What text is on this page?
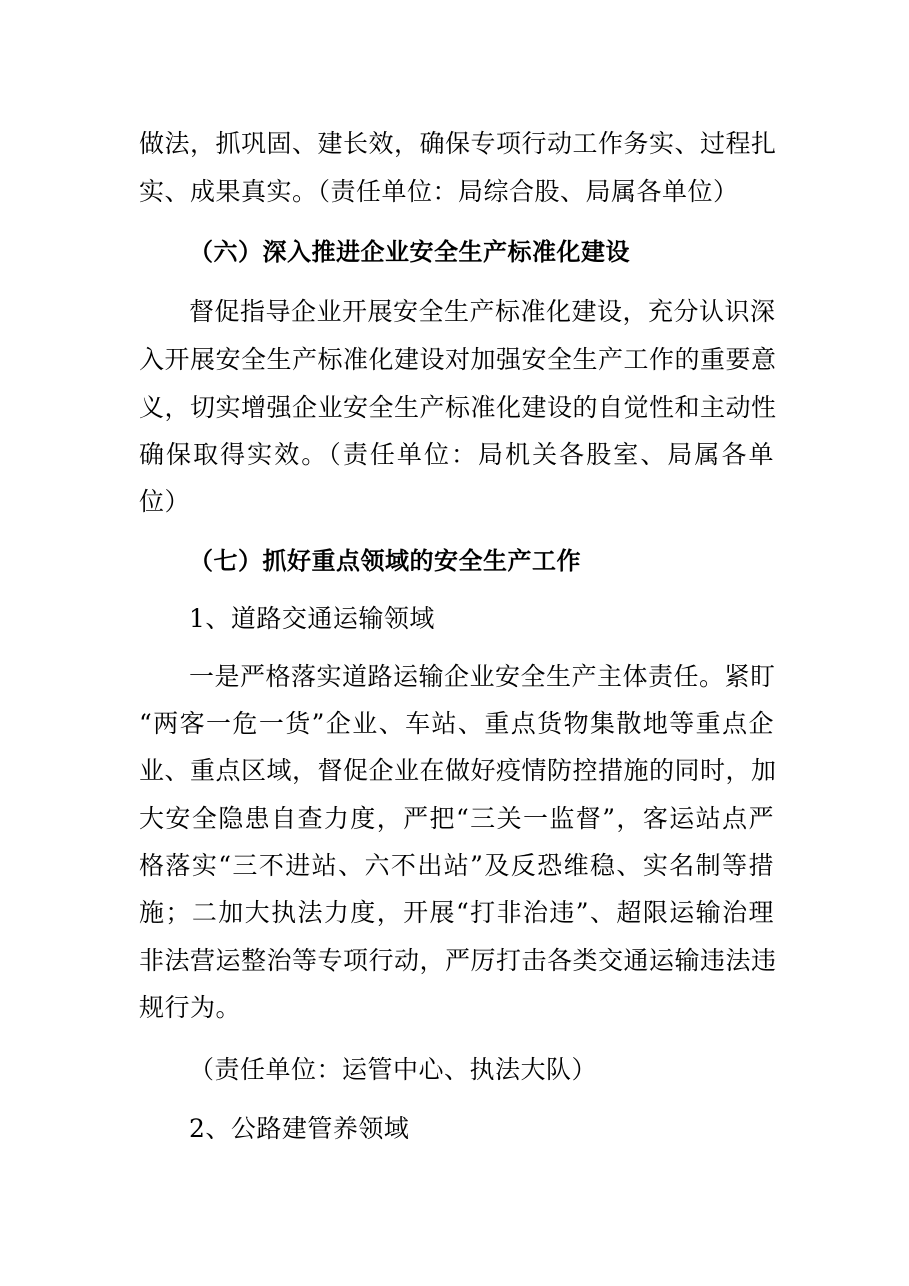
做法，抓巩固、建长效，确保专项行动工作务实、过程扎
实、成果真实。（责任单位：局综合股、局属各单位）
（六）深入推进企业安全生产标准化建设
督促指导企业开展安全生产标准化建设，充分认识深
入开展安全生产标准化建设对加强安全生产工作的重要意
义，切实增强企业安全生产标准化建设的自觉性和主动性
确保取得实效。（责任单位：局机关各股室、局属各单
位）
（七）抓好重点领域的安全生产工作
1、道路交通运输领域
一是严格落实道路运输企业安全生产主体责任。紧盯
“两客一危一货”企业、车站、重点货物集散地等重点企
业、重点区域，督促企业在做好疫情防控措施的同时，加
大安全隐患自查力度，严把“三关一监督”，客运站点严
格落实“三不进站、六不出站”及反恐维稳、实名制等措
施；二加大执法力度，开展“打非治违”、超限运输治理
非法营运整治等专项行动，严厉打击各类交通运输违法违
规行为。
（责任单位：运管中心、执法大队）
2、公路建管养领域
